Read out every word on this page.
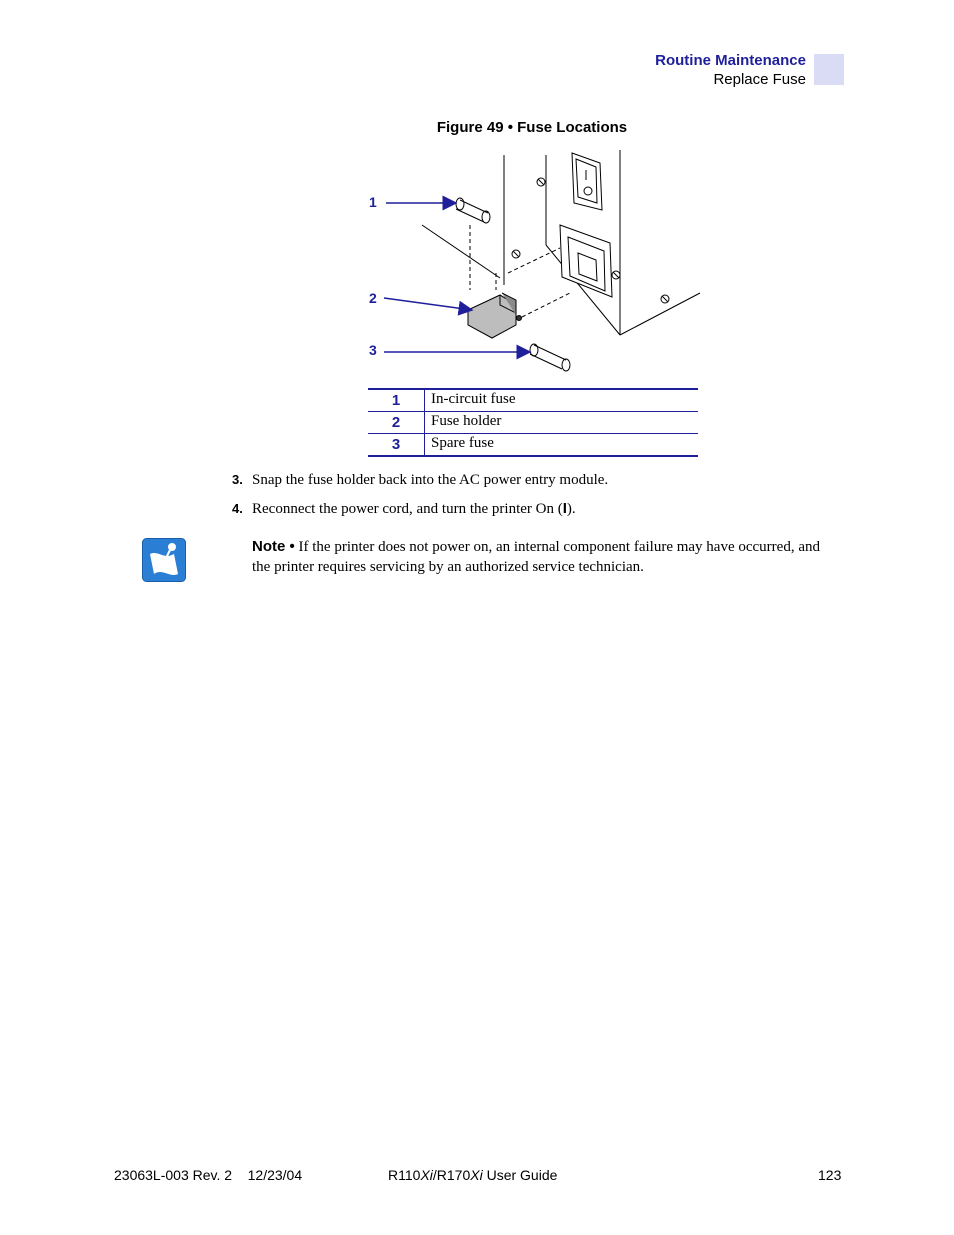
Routine Maintenance
Replace Fuse
Figure 49 • Fuse Locations
1
2
3
1	In-circuit fuse
2	Fuse holder
3	Spare fuse
3. Snap the fuse holder back into the AC power entry module.
4. Reconnect the power cord, and turn the printer On (I).
Note • If the printer does not power on, an internal component failure may have occurred, and the printer requires servicing by an authorized service technician.
23063L-003 Rev. 2 12/23/04	R110Xi/R170Xi User Guide	123
